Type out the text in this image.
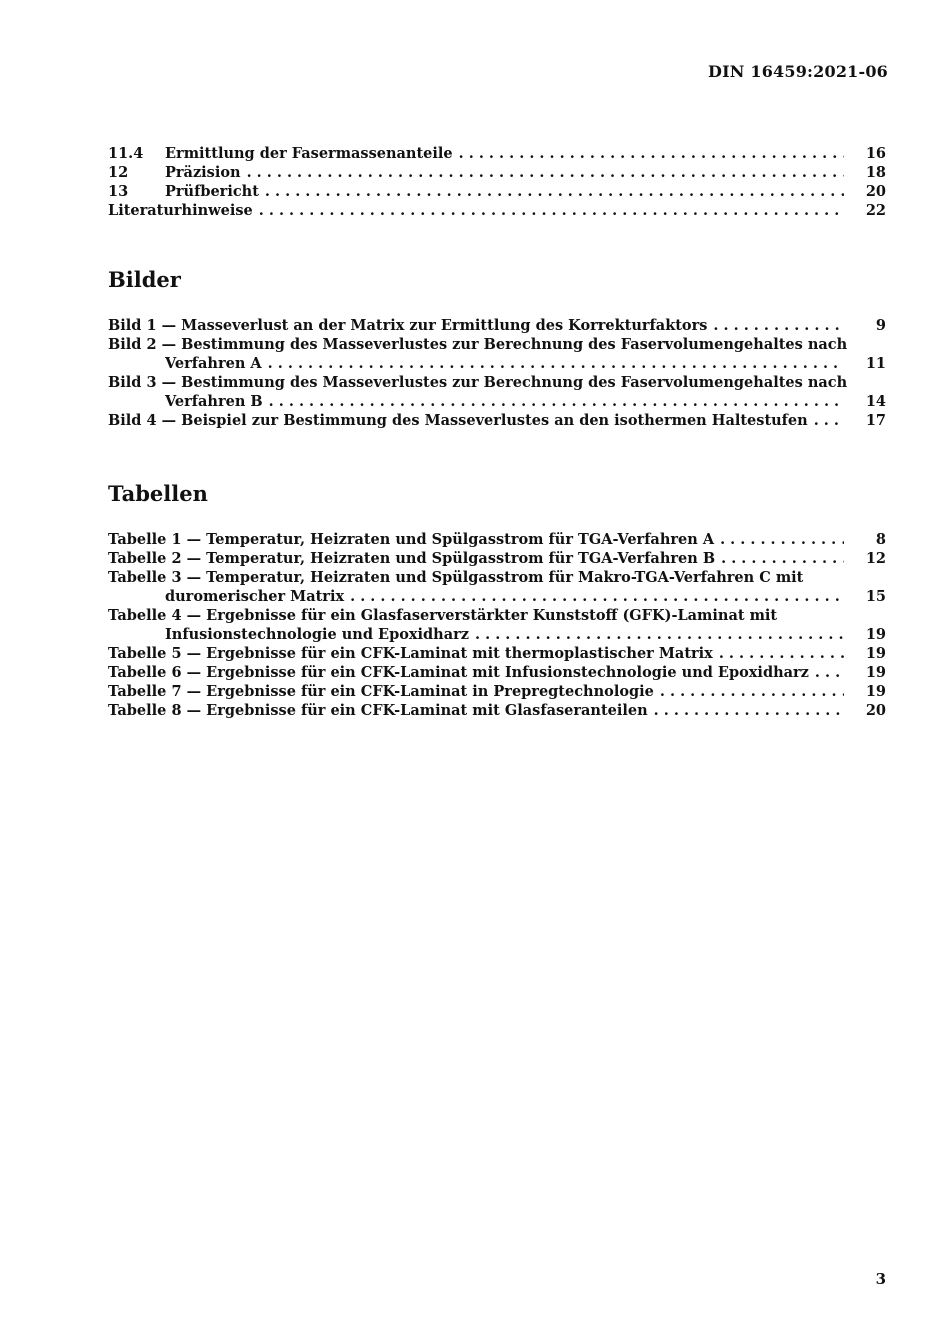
DIN 16459:2021-06
11.4	Ermittlung der Fasermassenanteile . . .	16
12	Präzision . . .	18
13	Prüfbericht . . .	20
Literaturhinweise . . .	22
Bilder
Bild 1 — Masseverlust an der Matrix zur Ermittlung des Korrekturfaktors . . .	9
Bild 2 — Bestimmung des Masseverlustes zur Berechnung des Faservolumengehaltes nach
Verfahren A . . .	11
Bild 3 — Bestimmung des Masseverlustes zur Berechnung des Faservolumengehaltes nach
Verfahren B . . .	14
Bild 4 — Beispiel zur Bestimmung des Masseverlustes an den isothermen Haltestufen . . .	17
Tabellen
Tabelle 1 — Temperatur, Heizraten und Spülgasstrom für TGA-Verfahren A . . .	8
Tabelle 2 — Temperatur, Heizraten und Spülgasstrom für TGA-Verfahren B . . .	12
Tabelle 3 — Temperatur, Heizraten und Spülgasstrom für Makro-TGA-Verfahren C mit
duromerischer Matrix . . .	15
Tabelle 4 — Ergebnisse für ein Glasfaserverstärkter Kunststoff (GFK)-Laminat mit
Infusionstechnologie und Epoxidharz . . .	19
Tabelle 5 — Ergebnisse für ein CFK-Laminat mit thermoplastischer Matrix . . .	19
Tabelle 6 — Ergebnisse für ein CFK-Laminat mit Infusionstechnologie und Epoxidharz . . .	19
Tabelle 7 — Ergebnisse für ein CFK-Laminat in Prepregtechnologie . . .	19
Tabelle 8 — Ergebnisse für ein CFK-Laminat mit Glasfaseranteilen . . .	20
3
